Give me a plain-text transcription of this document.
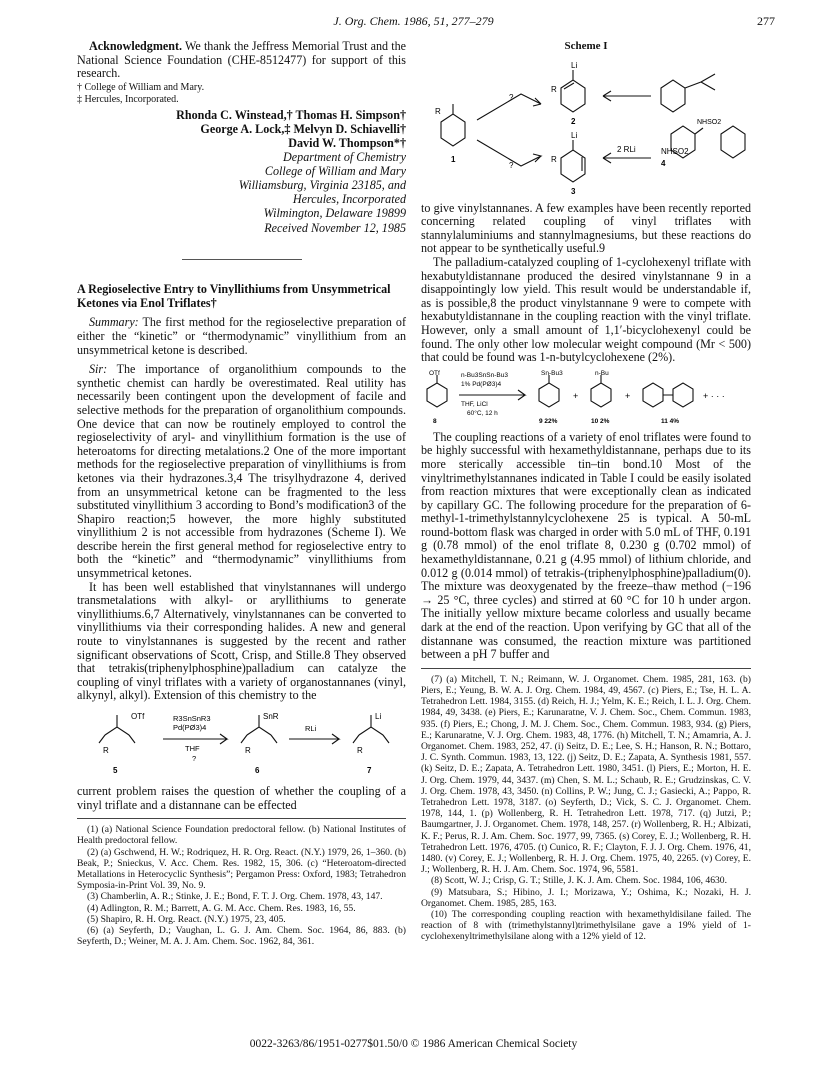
J. Org. Chem. 1986, 51, 277–279	277

Acknowledgment. We thank the Jeffress Memorial Trust and the National Science Foundation (CHE-8512477) for support of this research.

† College of William and Mary.
‡ Hercules, Incorporated.
Rhonda C. Winstead,† Thomas H. Simpson†
George A. Lock,‡ Melvyn D. Schiavelli†
David W. Thompson*†
Department of Chemistry
College of William and Mary
Williamsburg, Virginia 23185, and
Hercules, Incorporated
Wilmington, Delaware 19899
Received November 12, 1985
A Regioselective Entry to Vinyllithiums from Unsymmetrical Ketones via Enol Triflates†

Summary: The first method for the regioselective preparation of either the “kinetic” or “thermodynamic” vinyllithium from an unsymmetrical ketone is described.

Sir: The importance of organolithium compounds to the synthetic chemist can hardly be overestimated. Real utility has necessarily been contingent upon the development of facile and selective methods for the preparation of organolithium compounds. One device that can now be routinely employed to control the regioselectivity of aryl- and vinyllithium formation is the use of heteroatoms for directing metalations.2 One of the more important methods for the regioselective preparation of vinyllithiums is from ketones via their hydrazones.3,4 The trisylhydrazone 4, derived from an unsymmetrical ketone can be fragmented to the less substituted vinyllithium 3 according to Bond’s modification3 of the Shapiro reaction;5 however, the more highly substituted vinyllithium 2 is not accessible from hydrazones (Scheme I). We describe herein the first general method for regioselective entry to both the “kinetic” and “thermodynamic” vinyllithiums from unsymmetrical ketones.

It has been well established that vinylstannanes will undergo transmetalations with alkyl- or aryllithiums to generate vinyllithiums.6,7 Alternatively, vinylstannanes can be converted to vinyllithiums via their corresponding halides. A new and general route to vinylstannanes is suggested by the recent and rather significant observations of Scott, Crisp, and Stille.8 They observed that tetrakis(triphenylphosphine)palladium can catalyze the coupling of vinyl triflates with a variety of organostannanes (vinyl, alkynyl, alkyl). Extension of this chemistry to the

OTf	SnR	Li
R	R	R
R3SnSnR3
Pd(PØ3)4
THF
?
RLi
5	6	7

current problem raises the question of whether the coupling of a vinyl triflate and a distannane can be effected

(1) (a) National Science Foundation predoctoral fellow. (b) National Institutes of Health predoctoral fellow.

(2) (a) Gschwend, H. W.; Rodriquez, H. R. Org. React. (N.Y.) 1979, 26, 1–360. (b) Beak, P.; Snieckus, V. Acc. Chem. Res. 1982, 15, 306. (c) “Heteroatom-directed Metallations in Heterocyclic Synthesis”; Pergamon Press: Oxford, 1983; Tetrahedron Symposia-in-Print Vol. 39, No. 9.

(3) Chamberlin, A. R.; Stinke, J. E.; Bond, F. T. J. Org. Chem. 1978, 43, 147.

(4) Adlington, R. M.; Barrett, A. G. M. Acc. Chem. Res. 1983, 16, 55.

(5) Shapiro, R. H. Org. React. (N.Y.) 1975, 23, 405.

(6) (a) Seyferth, D.; Vaughan, L. G. J. Am. Chem. Soc. 1964, 86, 883. (b) Seyferth, D.; Weiner, M. A. J. Am. Chem. Soc. 1962, 84, 361.

Scheme I
R
Li
Li
R
R
NHSO2
NHSO2
?
?
2 RLi
1
2
3
4

to give vinylstannanes. A few examples have been recently reported concerning related coupling of vinyl triflates with stannylaluminiums and stannylmagnesiums, but these reactions do not appear to be synthetically useful.9

The palladium-catalyzed coupling of 1-cyclohexenyl triflate with hexabutyldistannane produced the desired vinylstannane 9 in a disappointingly low yield. This result would be understandable if, as is possible,8 the product vinylstannane 9 were to compete with hexabutyldistannane in the coupling reaction with the vinyl triflate. However, only a small amount of 1,1′-bicyclohexenyl could be found. The only other low molecular weight compound (Mr < 500) that could be found was 1-n-butylcyclohexene (2%).

OTf	Sn-Bu3	n-Bu
n-Bu3SnSn-Bu3
1% Pd(PØ3)4
THF, LiCl
60°C, 12 h
+	+	+ · · ·
8	9 22%	10 2%	11 4%

The coupling reactions of a variety of enol triflates were found to be highly successful with hexamethyldistannane, perhaps due to its more sterically accessible tin–tin bond.10 Most of the vinyltrimethylstannanes indicated in Table I could be easily isolated from reaction mixtures that were exceptionally clean as indicated by capillary GC. The following procedure for the preparation of 6-methyl-1-trimethylstannylcyclohexene 25 is typical. A 50-mL round-bottom flask was charged in order with 5.0 mL of THF, 0.191 g (0.78 mmol) of the enol triflate 8, 0.230 g (0.702 mmol) of hexamethyldistannane, 0.21 g (4.95 mmol) of lithium chloride, and 0.012 g (0.014 mmol) of tetrakis-(triphenylphosphine)palladium(0). The mixture was deoxygenated by the freeze–thaw method (−196 → 25 °C, three cycles) and stirred at 60 °C for 10 h under argon. The initially yellow mixture became colorless and usually became dark at the end of the reaction. Upon verifying by GC that all of the distannane was consumed, the reaction mixture was partitioned between a pH 7 buffer and

(7) (a) Mitchell, T. N.; Reimann, W. J. Organomet. Chem. 1985, 281, 163. (b) Piers, E.; Yeung, B. W. A. J. Org. Chem. 1984, 49, 4567. (c) Piers, E.; Tse, H. L. A. Tetrahedron Lett. 1984, 3155. (d) Reich, H. J.; Yelm, K. E.; Reich, I. L. J. Org. Chem. 1984, 49, 3438. (e) Piers, E.; Karunaratne, V. J. Chem. Soc., Chem. Commun. 1983, 935. (f) Piers, E.; Chong, J. M. J. Chem. Soc., Chem. Commun. 1983, 934. (g) Piers, E.; Karunaratne, V. J. Org. Chem. 1983, 48, 1776. (h) Mitchell, T. N.; Amamria, A. J. Organomet. Chem. 1983, 252, 47. (i) Seitz, D. E.; Lee, S. H.; Hanson, R. N.; Bottaro, J. C. Synth. Commun. 1983, 13, 122. (j) Seitz, D. E.; Zapata, A. Synthesis 1981, 557. (k) Seitz, D. E.; Zapata, A. Tetrahedron Lett. 1980, 3451. (l) Piers, E.; Morton, H. E. J. Org. Chem. 1979, 44, 3437. (m) Chen, S. M. L.; Schaub, R. E.; Grudzinskas, C. V. J. Org. Chem. 1978, 43, 3450. (n) Collins, P. W.; Jung, C. J.; Gasiecki, A.; Pappo, R. Tetrahedron Lett. 1978, 3187. (o) Seyferth, D.; Vick, S. C. J. Organomet. Chem. 1978, 144, 1. (p) Wollenberg, R. H. Tetrahedron Lett. 1978, 717. (q) Jutzi, P.; Baumgartner, J. J. Organomet. Chem. 1978, 148, 257. (r) Wollenberg, R. H.; Albizati, K. F.; Perus, R. J. Am. Chem. Soc. 1977, 99, 7365. (s) Corey, E. J.; Wollenberg, R. H. Tetrahedron Lett. 1976, 4705. (t) Cunico, R. F.; Clayton, F. J. J. Org. Chem. 1976, 41, 1480. (v) Corey, E. J.; Wollenberg, R. H. J. Org. Chem. 1975, 40, 2265. (v) Corey, E. J.; Wollenberg, R. H. J. Am. Chem. Soc. 1974, 96, 5581.

(8) Scott, W. J.; Crisp, G. T.; Stille, J. K. J. Am. Chem. Soc. 1984, 106, 4630.

(9) Matsubara, S.; Hibino, J. I.; Morizawa, Y.; Oshima, K.; Nozaki, H. J. Organomet. Chem. 1985, 285, 163.

(10) The corresponding coupling reaction with hexamethyldisilane failed. The reaction of 8 with (trimethylstannyl)trimethylsilane gave a 19% yield of 1-cyclohexenyltrimethylsilane along with a 12% yield of 12.

0022-3263/86/1951-0277$01.50/0 © 1986 American Chemical Society
